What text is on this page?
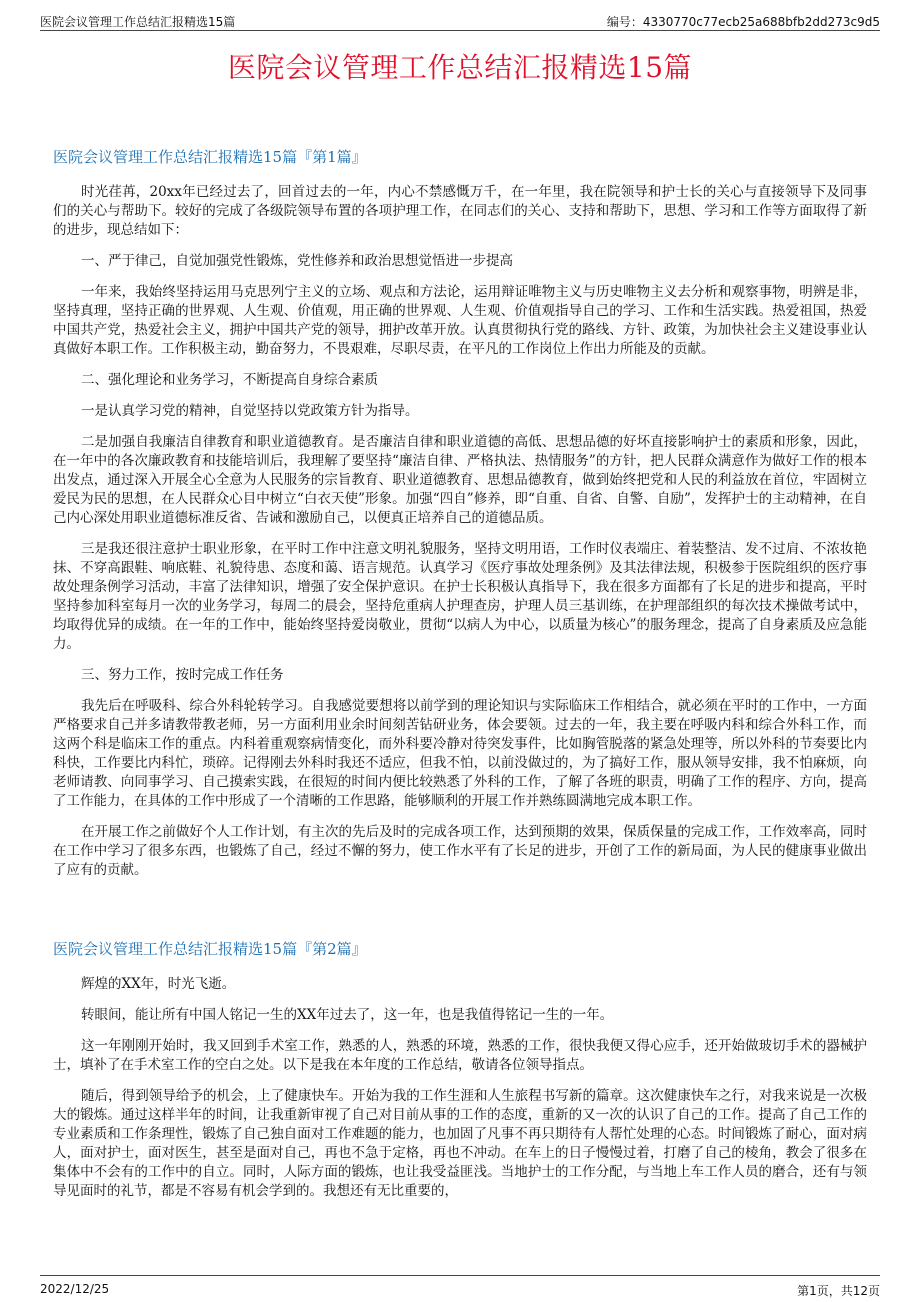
医院会议管理工作总结汇报精选15篇	编号：4330770c77ecb25a688bfb2dd273c9d5
医院会议管理工作总结汇报精选15篇
医院会议管理工作总结汇报精选15篇『第1篇』

时光荏苒，20xx年已经过去了，回首过去的一年，内心不禁感慨万千，在一年里，我在院领导和护士长的关心与直接领导下及同事们的关心与帮助下。较好的完成了各级院领导布置的各项护理工作，在同志们的关心、支持和帮助下，思想、学习和工作等方面取得了新的进步，现总结如下：

一、严于律己，自觉加强党性锻炼，党性修养和政治思想觉悟进一步提高

一年来，我始终坚持运用马克思列宁主义的立场、观点和方法论，运用辩证唯物主义与历史唯物主义去分析和观察事物，明辨是非，坚持真理，坚持正确的世界观、人生观、价值观，用正确的世界观、人生观、价值观指导自己的学习、工作和生活实践。热爱祖国，热爱中国共产党，热爱社会主义，拥护中国共产党的领导，拥护改革开放。认真贯彻执行党的路线、方针、政策，为加快社会主义建设事业认真做好本职工作。工作积极主动，勤奋努力，不畏艰难，尽职尽责，在平凡的工作岗位上作出力所能及的贡献。

二、强化理论和业务学习，不断提高自身综合素质

一是认真学习党的精神，自觉坚持以党政策方针为指导。

二是加强自我廉洁自律教育和职业道德教育。是否廉洁自律和职业道德的高低、思想品德的好坏直接影响护士的素质和形象，因此，在一年中的各次廉政教育和技能培训后，我理解了要坚持“廉洁自律、严格执法、热情服务”的方针，把人民群众满意作为做好工作的根本出发点，通过深入开展全心全意为人民服务的宗旨教育、职业道德教育、思想品德教育，做到始终把党和人民的利益放在首位，牢固树立爱民为民的思想，在人民群众心目中树立“白衣天使”形象。加强“四自”修养，即“自重、自省、自警、自励”，发挥护士的主动精神，在自己内心深处用职业道德标准反省、告诫和激励自己，以便真正培养自己的道德品质。

三是我还很注意护士职业形象，在平时工作中注意文明礼貌服务，坚持文明用语，工作时仪表端庄、着装整洁、发不过肩、不浓妆艳抹、不穿高跟鞋、响底鞋、礼貌待患、态度和蔼、语言规范。认真学习《医疗事故处理条例》及其法律法规，积极参于医院组织的医疗事故处理条例学习活动，丰富了法律知识，增强了安全保护意识。在护士长积极认真指导下，我在很多方面都有了长足的进步和提高，平时坚持参加科室每月一次的业务学习，每周二的晨会，坚持危重病人护理查房，护理人员三基训练，在护理部组织的每次技术操做考试中，均取得优异的成绩。在一年的工作中，能始终坚持爱岗敬业，贯彻“以病人为中心，以质量为核心”的服务理念，提高了自身素质及应急能力。

三、努力工作，按时完成工作任务

我先后在呼吸科、综合外科轮转学习。自我感觉要想将以前学到的理论知识与实际临床工作相结合，就必须在平时的工作中，一方面严格要求自己并多请教带教老师，另一方面利用业余时间刻苦钻研业务，体会要领。过去的一年，我主要在呼吸内科和综合外科工作，而这两个科是临床工作的重点。内科着重观察病情变化，而外科要冷静对待突发事件，比如胸管脱落的紧急处理等，所以外科的节奏要比内科快，工作要比内科忙，琐碎。记得刚去外科时我还不适应，但我不怕，以前没做过的，为了搞好工作，服从领导安排，我不怕麻烦，向老师请教、向同事学习、自己摸索实践，在很短的时间内便比较熟悉了外科的工作，了解了各班的职责，明确了工作的程序、方向，提高了工作能力，在具体的工作中形成了一个清晰的工作思路，能够顺利的开展工作并熟练圆满地完成本职工作。

在开展工作之前做好个人工作计划，有主次的先后及时的完成各项工作，达到预期的效果，保质保量的完成工作，工作效率高，同时在工作中学习了很多东西，也锻炼了自己，经过不懈的努力，使工作水平有了长足的进步，开创了工作的新局面，为人民的健康事业做出了应有的贡献。

医院会议管理工作总结汇报精选15篇『第2篇』

辉煌的XX年，时光飞逝。

转眼间，能让所有中国人铭记一生的XX年过去了，这一年，也是我值得铭记一生的一年。

这一年刚刚开始时，我又回到手术室工作，熟悉的人，熟悉的环境，熟悉的工作，很快我便又得心应手，还开始做玻切手术的器械护士，填补了在手术室工作的空白之处。以下是我在本年度的工作总结，敬请各位领导指点。

随后，得到领导给予的机会，上了健康快车。开始为我的工作生涯和人生旅程书写新的篇章。这次健康快车之行，对我来说是一次极大的锻炼。通过这样半年的时间，让我重新审视了自己对目前从事的工作的态度，重新的又一次的认识了自己的工作。提高了自己工作的专业素质和工作条理性，锻炼了自己独自面对工作难题的能力，也加固了凡事不再只期待有人帮忙处理的心态。时间锻炼了耐心，面对病人，面对护士，面对医生，甚至是面对自己，再也不急于定格，再也不冲动。在车上的日子慢慢过着，打磨了自己的棱角，教会了很多在集体中不会有的工作中的自立。同时，人际方面的锻炼，也让我受益匪浅。当地护士的工作分配，与当地上车工作人员的磨合，还有与领导见面时的礼节，都是不容易有机会学到的。我想还有无比重要的，

2022/12/25	第1页，共12页
